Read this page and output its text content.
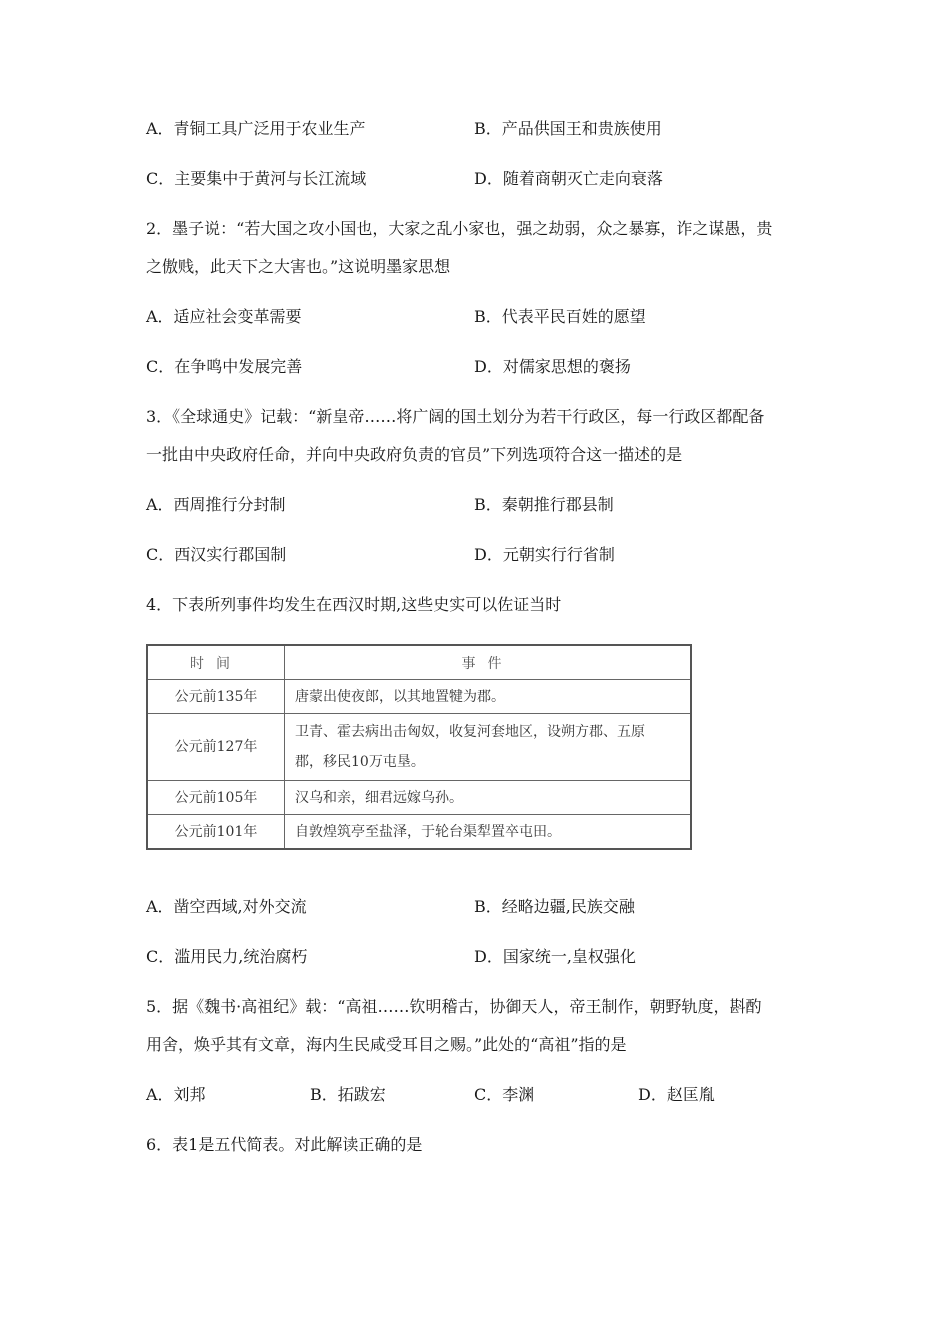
A．青铜工具广泛用于农业生产	B．产品供国王和贵族使用
C．主要集中于黄河与长江流域	D．随着商朝灭亡走向衰落
2．墨子说：“若大国之攻小国也，大家之乱小家也，强之劫弱，众之暴寡，诈之谋愚，贵
之傲贱，此天下之大害也。”这说明墨家思想
A．适应社会变革需要	B．代表平民百姓的愿望
C．在争鸣中发展完善	D．对儒家思想的褒扬
3．《全球通史》记载：“新皇帝……将广阔的国土划分为若干行政区，每一行政区都配备
一批由中央政府任命，并向中央政府负责的官员”下列选项符合这一描述的是
A．西周推行分封制	B．秦朝推行郡县制
C．西汉实行郡国制	D．元朝实行行省制
4．下表所列事件均发生在西汉时期,这些史实可以佐证当时
时间	事件
公元前135年	唐蒙出使夜郎，以其地置犍为郡。
公元前127年	卫青、霍去病出击匈奴，收复河套地区，设朔方郡、五原
郡，移民10万屯垦。

公元前105年	汉乌和亲，细君远嫁乌孙。
公元前101年	自敦煌筑亭至盐泽，于轮台渠犁置卒屯田。
A．凿空西域,对外交流	B．经略边疆,民族交融
C．滥用民力,统治腐朽	D．国家统一,皇权强化
5．据《魏书·高祖纪》载：“高祖……钦明稽古，协御天人，帝王制作，朝野轨度，斟酌
用舍，焕乎其有文章，海内生民咸受耳目之赐。”此处的“高祖”指的是
A．刘邦	B．拓跋宏	C．李渊	D．赵匡胤
6．表1是五代简表。对此解读正确的是
